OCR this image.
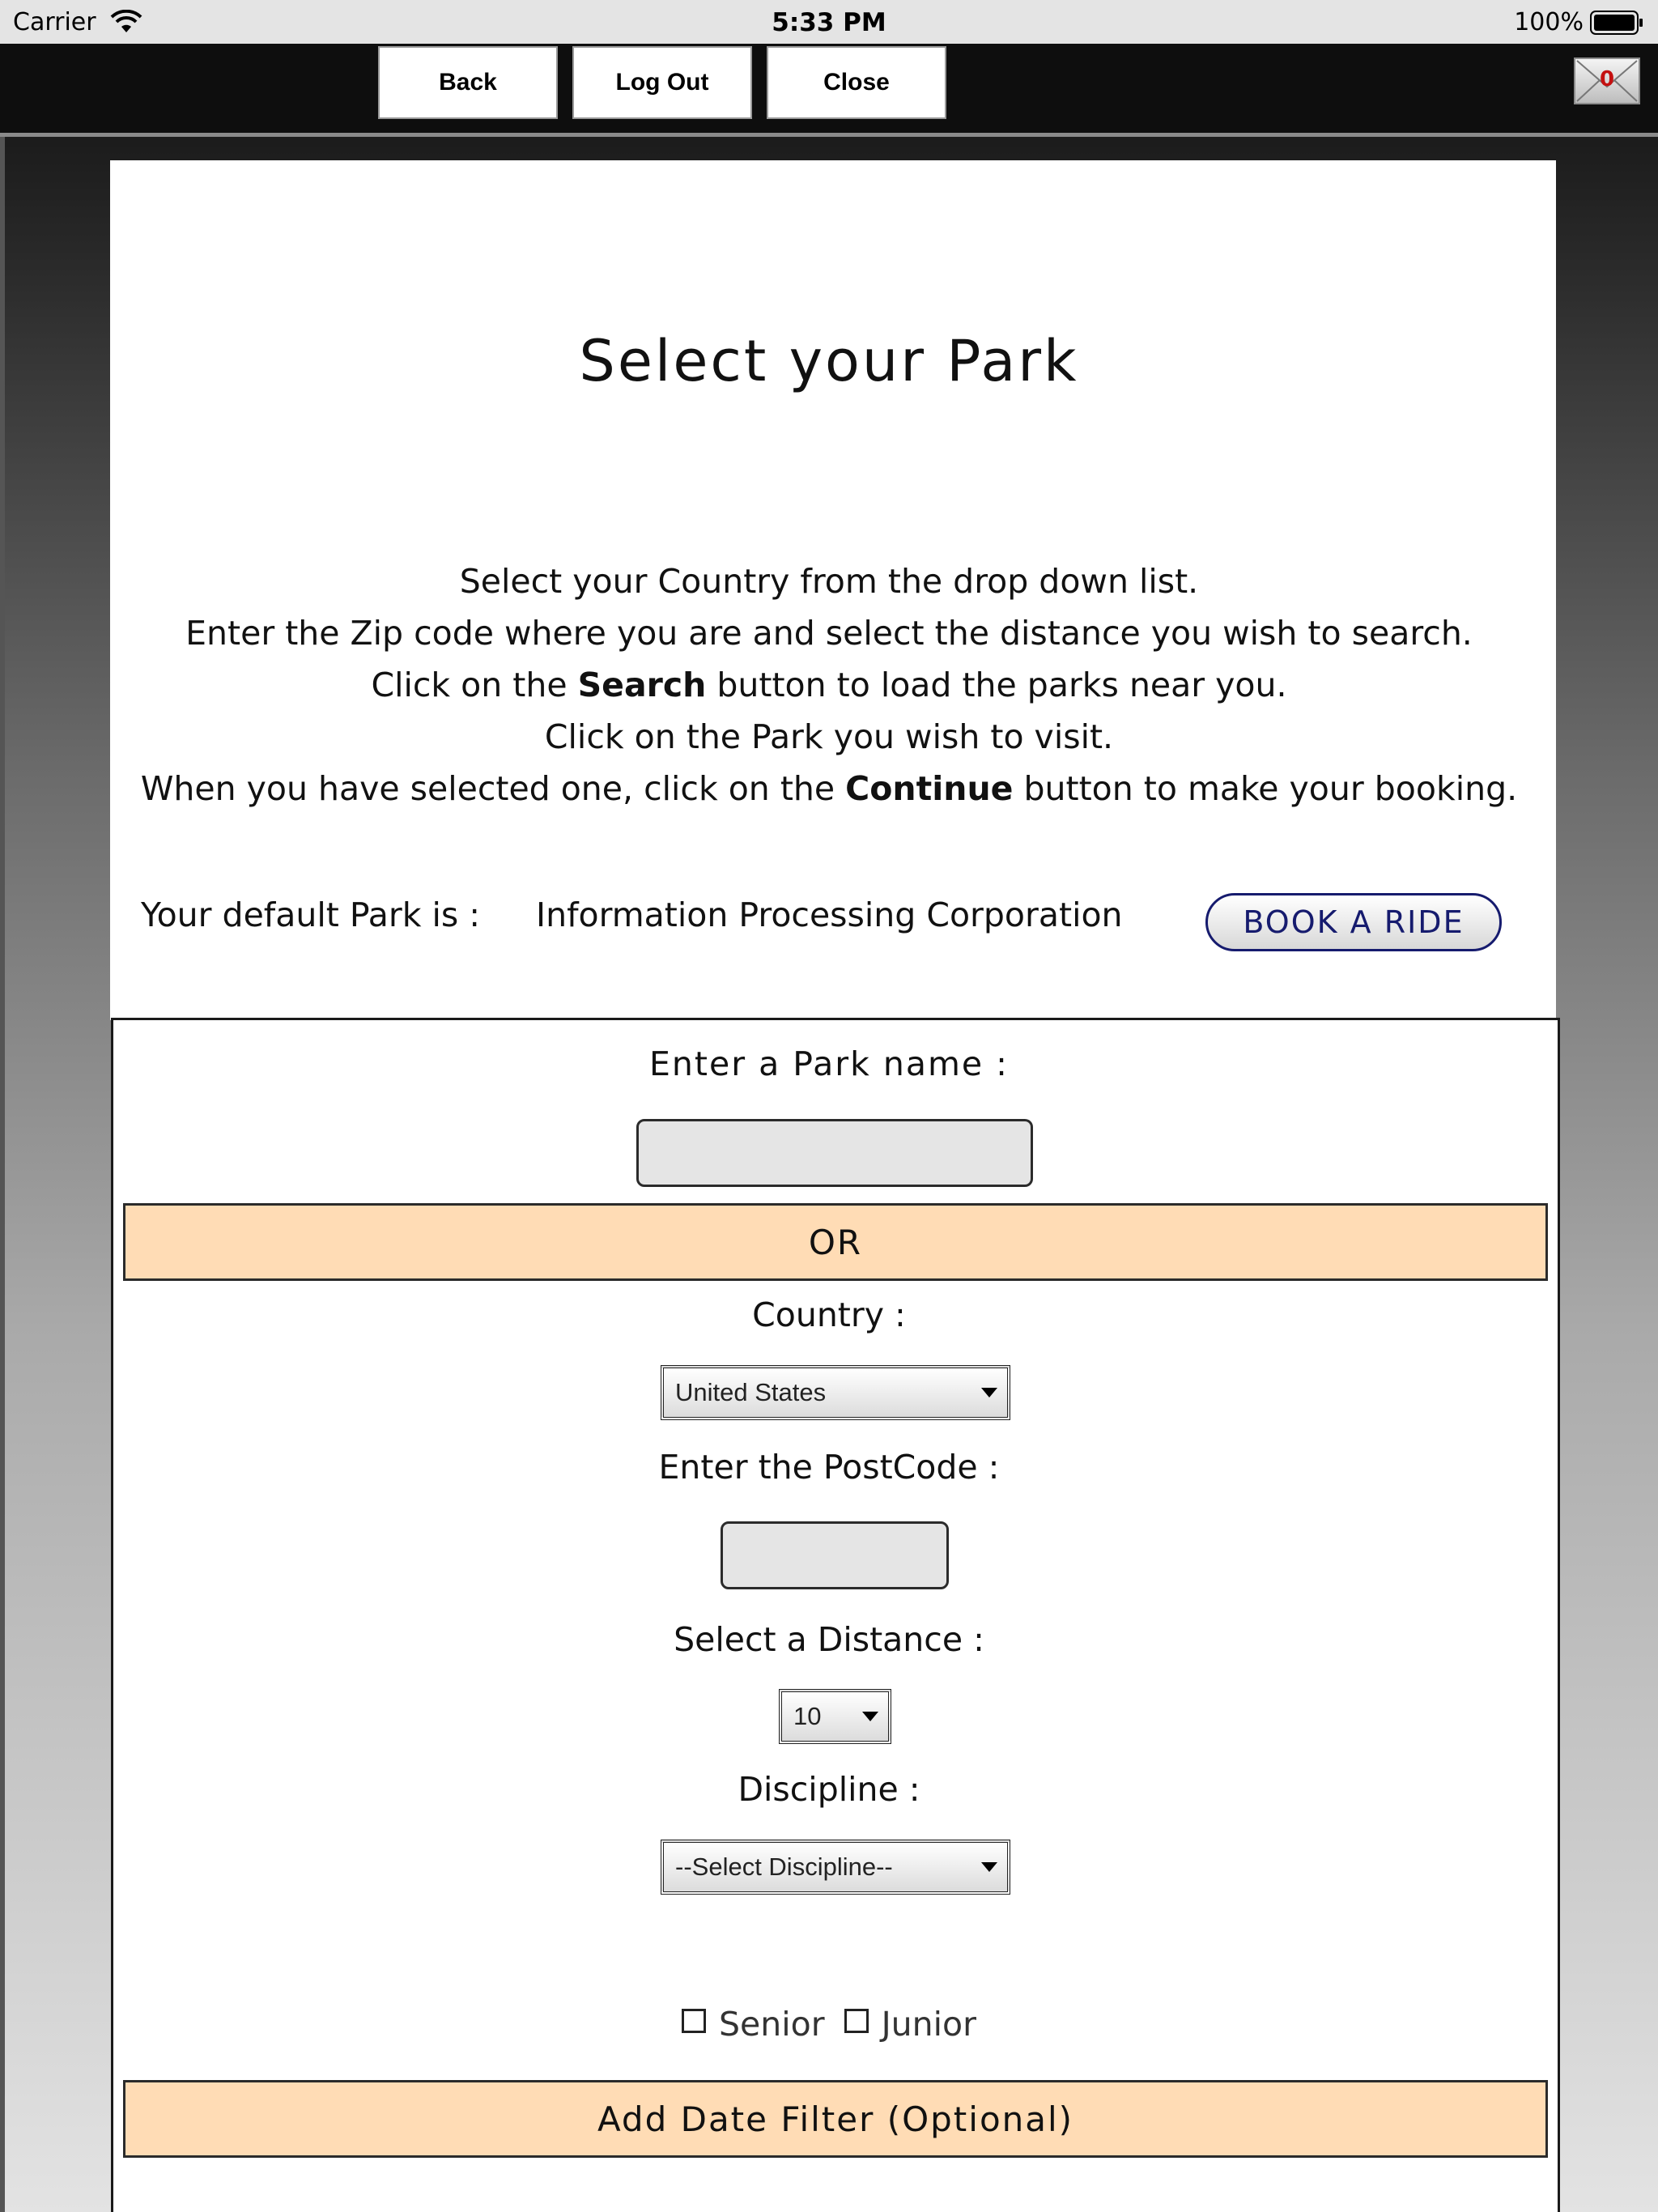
Carrier	5:33 PM	100%
Back	Log Out	Close	0
Select your Park
Select your Country from the drop down list.
Enter the Zip code where you are and select the distance you wish to search.
Click on the Search button to load the parks near you.
Click on the Park you wish to visit.
When you have selected one, click on the Continue button to make your booking.
Your default Park is : Information Processing Corporation	BOOK A RIDE
Enter a Park name :
OR
Country :
United States
Enter the PostCode :
Select a Distance :
10
Discipline :
--Select Discipline--
Senior Junior
Add Date Filter (Optional)
